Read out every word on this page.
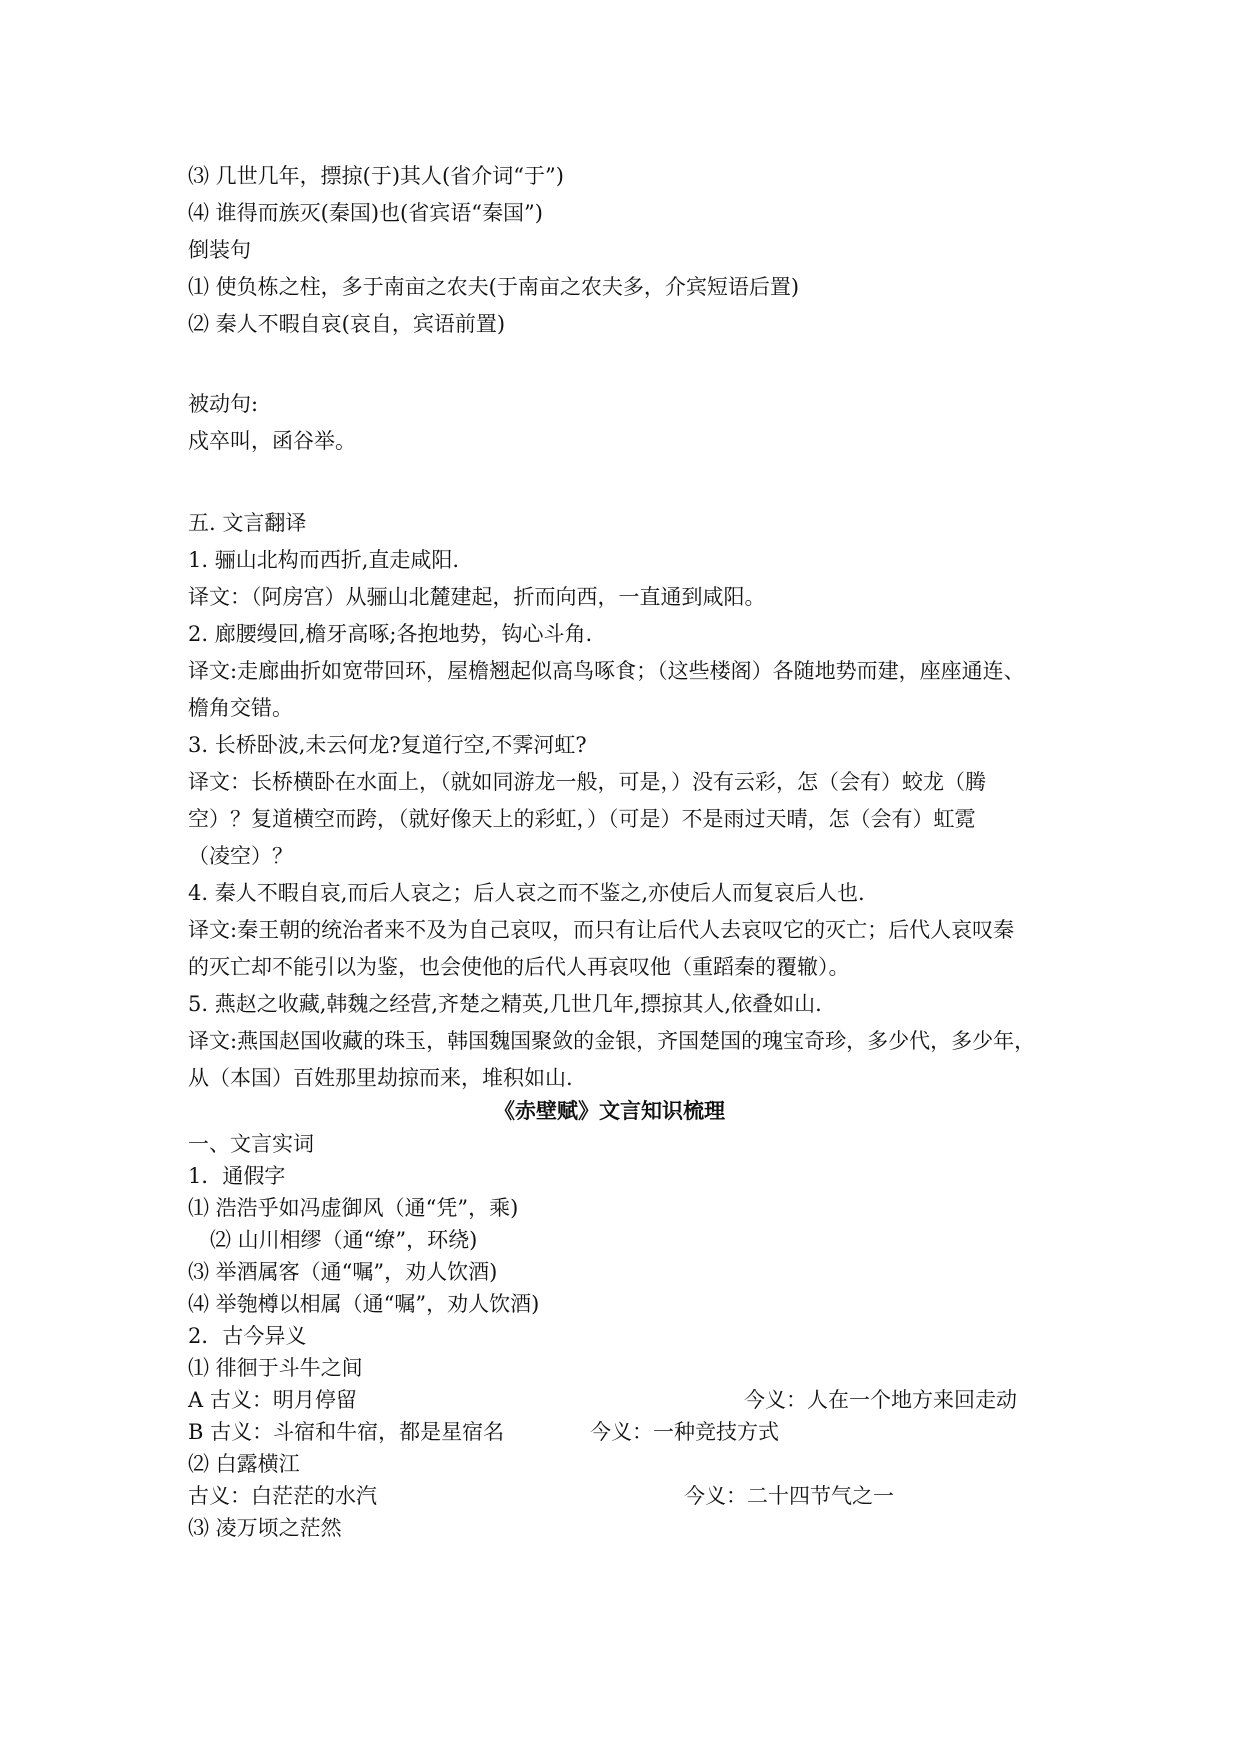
⑶ 几世几年，摽掠(于)其人(省介词“于”)
⑷ 谁得而族灭(秦国)也(省宾语“秦国”)
倒装句
⑴ 使负栋之柱，多于南亩之农夫(于南亩之农夫多，介宾短语后置)
⑵ 秦人不暇自哀(哀自，宾语前置)
被动句:
戍卒叫，函谷举。
五. 文言翻译
1. 骊山北构而西折,直走咸阳.
译文：（阿房宫）从骊山北麓建起，折而向西，一直通到咸阳。
2. 廊腰缦回,檐牙高啄;各抱地势，钩心斗角.
译文:走廊曲折如宽带回环，屋檐翘起似高鸟啄食；（这些楼阁）各随地势而建，座座通连、
檐角交错。
3. 长桥卧波,未云何龙?复道行空,不霁河虹?
译文：长桥横卧在水面上，（就如同游龙一般，可是，）没有云彩，怎（会有）蛟龙（腾
空）？复道横空而跨，（就好像天上的彩虹，）（可是）不是雨过天晴，怎（会有）虹霓
（凌空）？
4. 秦人不暇自哀,而后人哀之；后人哀之而不鉴之,亦使后人而复哀后人也.
译文:秦王朝的统治者来不及为自己哀叹，而只有让后代人去哀叹它的灭亡；后代人哀叹秦
的灭亡却不能引以为鉴，也会使他的后代人再哀叹他（重蹈秦的覆辙）。
5. 燕赵之收藏,韩魏之经营,齐楚之精英,几世几年,摽掠其人,依叠如山.
译文:燕国赵国收藏的珠玉，韩国魏国聚敛的金银，齐国楚国的瑰宝奇珍，多少代，多少年，
从（本国）百姓那里劫掠而来，堆积如山.
《赤壁赋》文言知识梳理
一、文言实词
1．通假字
⑴ 浩浩乎如冯虚御风（通“凭”，乘)
⑵ 山川相缪（通“缭”，环绕)
⑶ 举酒属客（通“嘱”，劝人饮酒)
⑷ 举匏樽以相属（通“嘱”，劝人饮酒)
2．古今异义
⑴ 徘徊于斗牛之间
A 古义：明月停留	今义：人在一个地方来回走动
B 古义：斗宿和牛宿，都是星宿名	今义：一种竞技方式
⑵ 白露横江
古义：白茫茫的水汽	今义：二十四节气之一
⑶ 凌万顷之茫然
